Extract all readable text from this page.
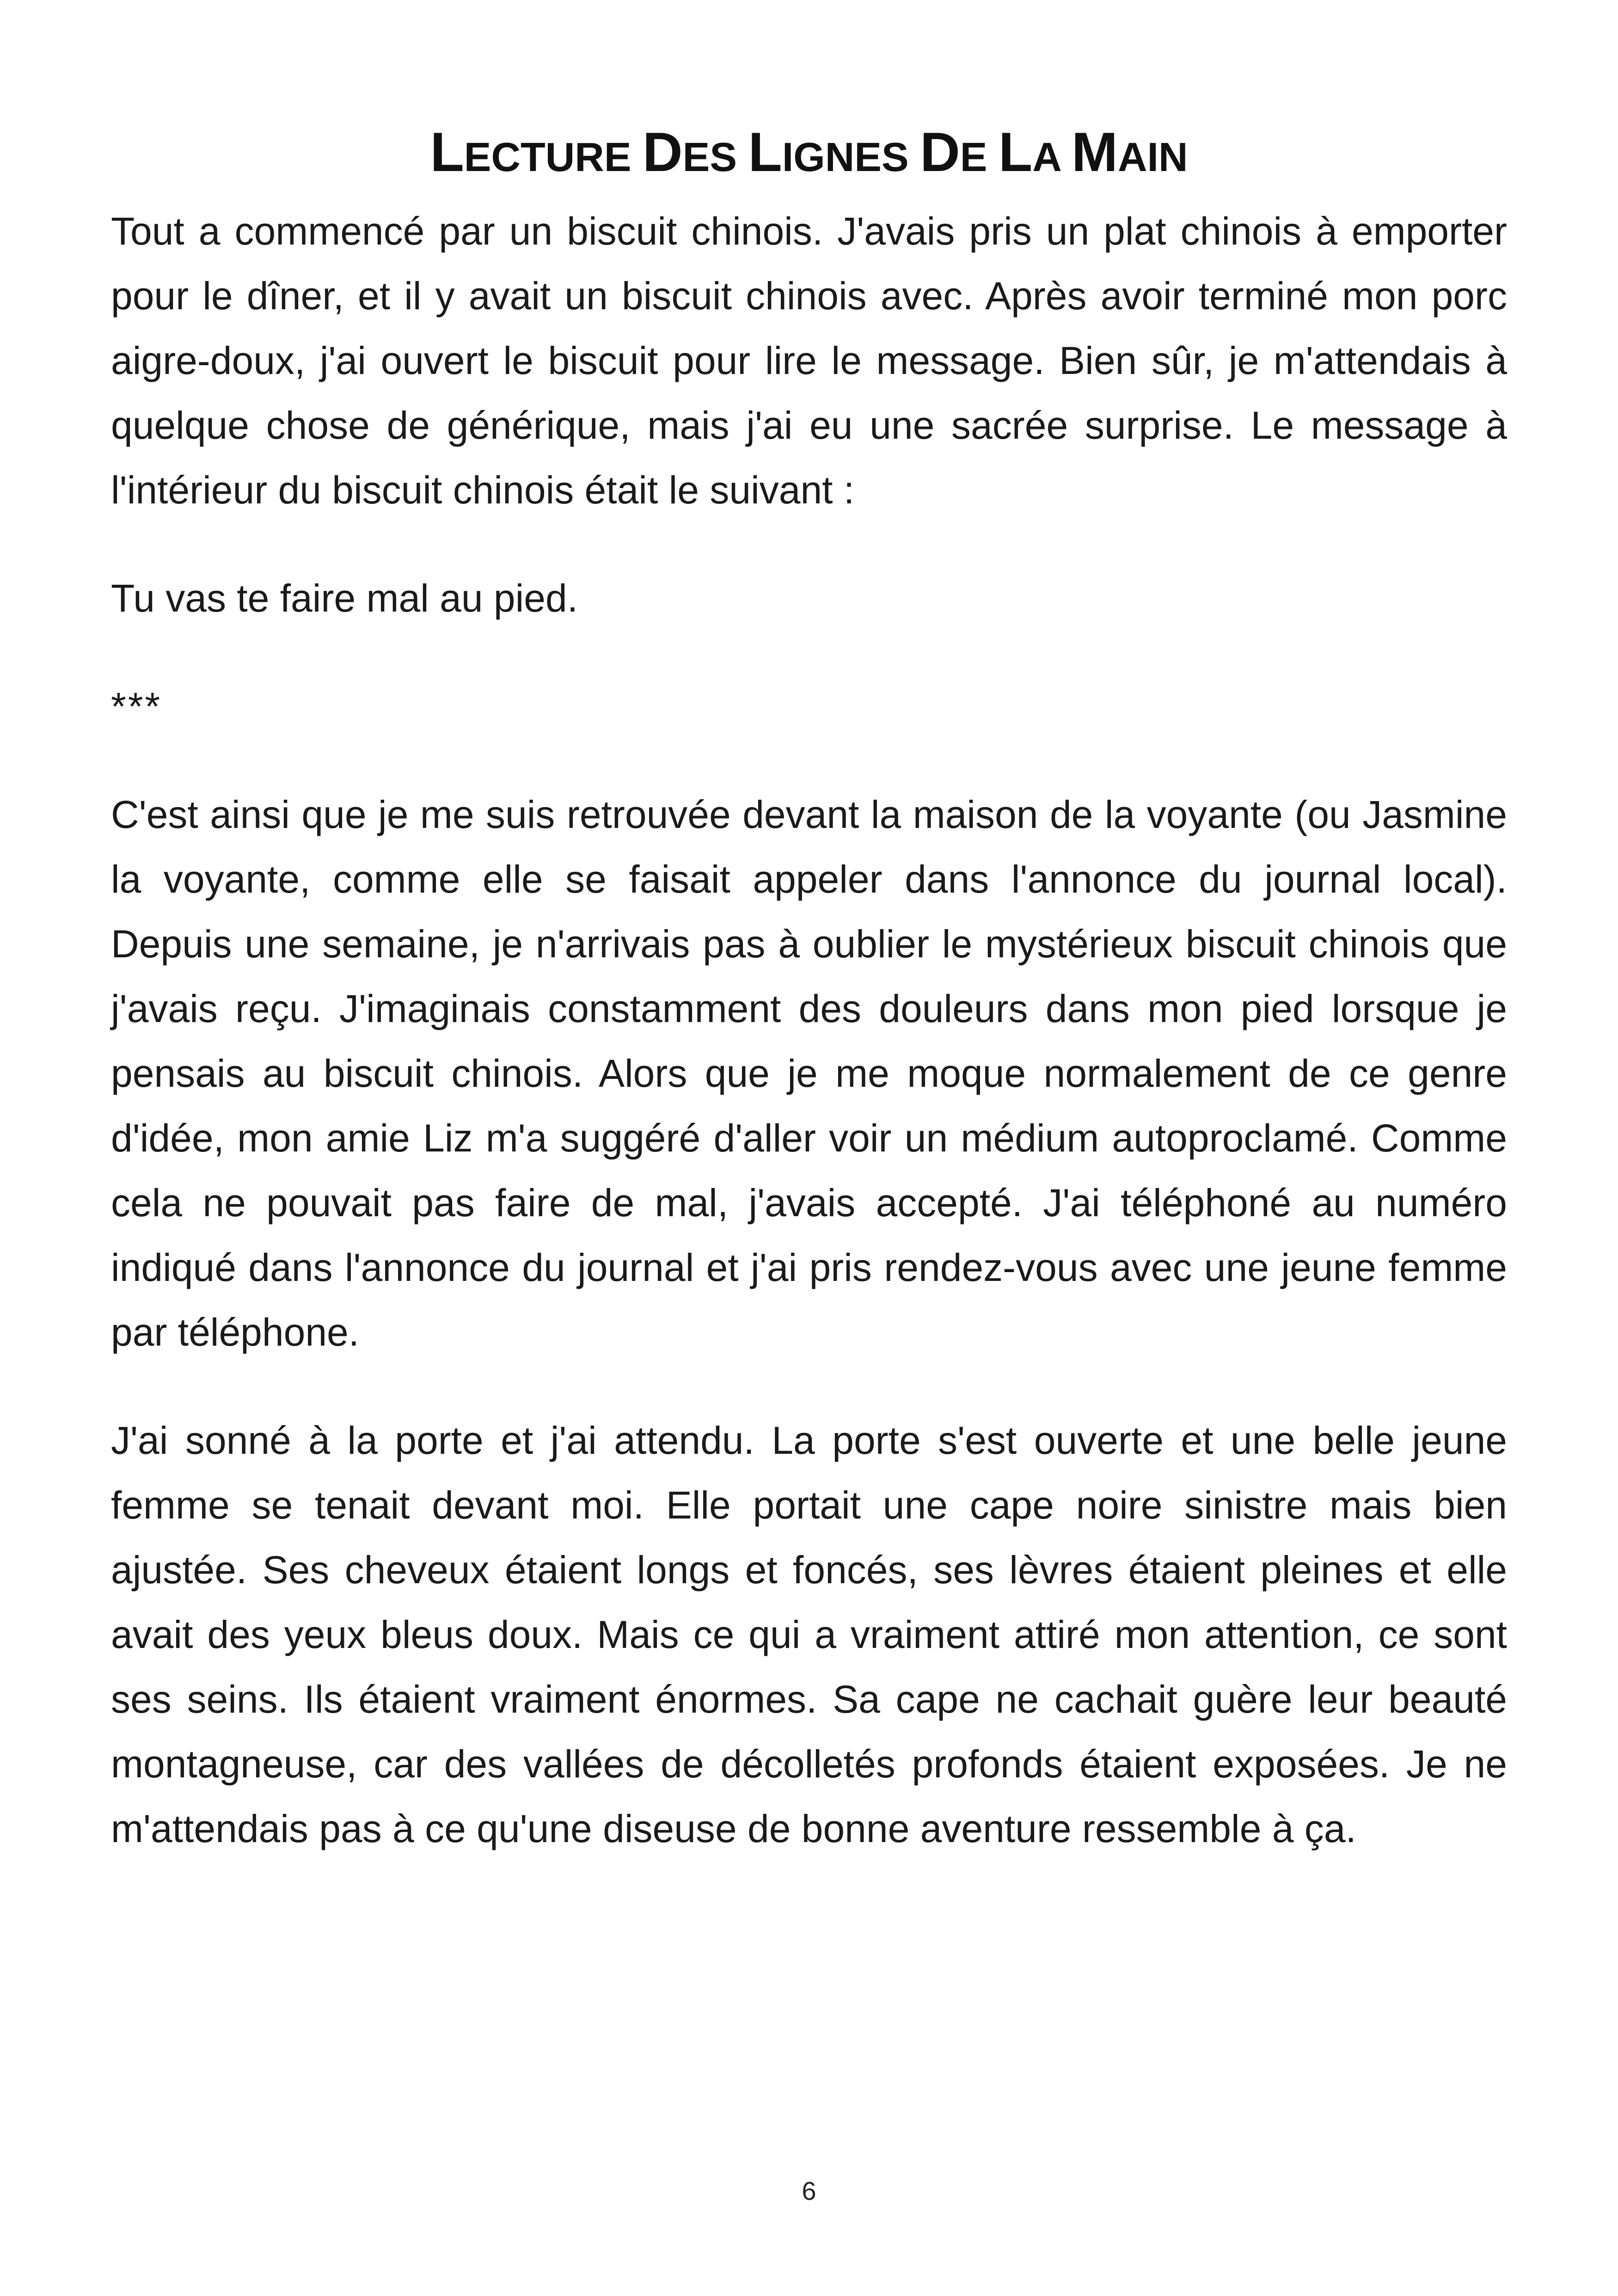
LECTURE DES LIGNES DE LA MAIN

Tout a commencé par un biscuit chinois. J'avais pris un plat chinois à emporter pour le dîner, et il y avait un biscuit chinois avec. Après avoir terminé mon porc aigre-doux, j'ai ouvert le biscuit pour lire le message. Bien sûr, je m'attendais à quelque chose de générique, mais j'ai eu une sacrée surprise. Le message à l'intérieur du biscuit chinois était le suivant :

Tu vas te faire mal au pied.

***

C'est ainsi que je me suis retrouvée devant la maison de la voyante (ou Jasmine la voyante, comme elle se faisait appeler dans l'annonce du journal local). Depuis une semaine, je n'arrivais pas à oublier le mystérieux biscuit chinois que j'avais reçu. J'imaginais constamment des douleurs dans mon pied lorsque je pensais au biscuit chinois. Alors que je me moque normalement de ce genre d'idée, mon amie Liz m'a suggéré d'aller voir un médium autoproclamé. Comme cela ne pouvait pas faire de mal, j'avais accepté. J'ai téléphoné au numéro indiqué dans l'annonce du journal et j'ai pris rendez-vous avec une jeune femme par téléphone.

J'ai sonné à la porte et j'ai attendu. La porte s'est ouverte et une belle jeune femme se tenait devant moi. Elle portait une cape noire sinistre mais bien ajustée. Ses cheveux étaient longs et foncés, ses lèvres étaient pleines et elle avait des yeux bleus doux. Mais ce qui a vraiment attiré mon attention, ce sont ses seins. Ils étaient vraiment énormes. Sa cape ne cachait guère leur beauté montagneuse, car des vallées de décolletés profonds étaient exposées. Je ne m'attendais pas à ce qu'une diseuse de bonne aventure ressemble à ça.

6
